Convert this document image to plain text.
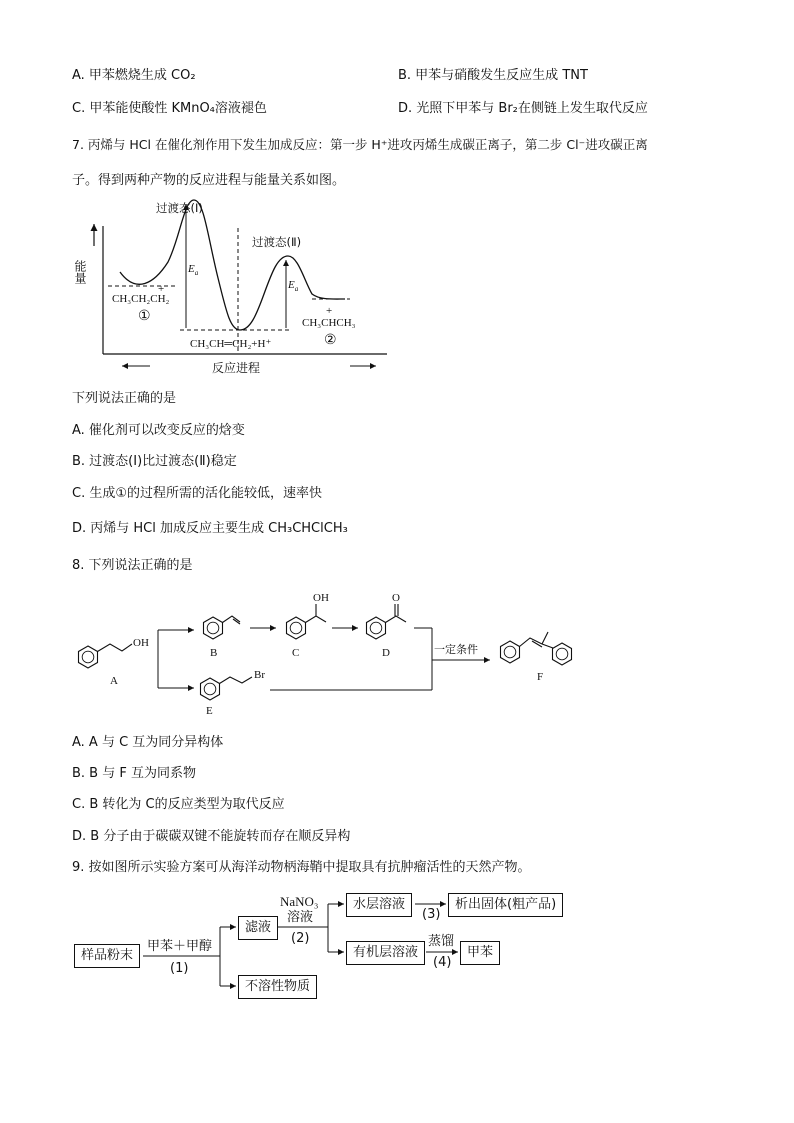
A. 甲苯燃烧生成 CO₂	B. 甲苯与硝酸发生反应生成 TNT
C. 甲苯能使酸性 KMnO₄溶液褪色	D. 光照下甲苯与 Br₂在侧链上发生取代反应
7. 丙烯与 HCl 在催化剂作用下发生加成反应：第一步 H⁺进攻丙烯生成碳正离子，第二步 Cl⁻进攻碳正离
子。得到两种产物的反应进程与能量关系如图。
能量	$E_a$
$E_a$
过渡态(Ⅰ)
过渡态(Ⅱ)
+
CH₃CH₂CH₂
①	+
CH₃CHCH₃
②
CH₃CH═CH₂+H⁺
反应进程
下列说法正确的是
A. 催化剂可以改变反应的焓变
B. 过渡态(Ⅰ)比过渡态(Ⅱ)稳定
C. 生成①的过程所需的活化能较低，速率快
D. 丙烯与 HCl 加成反应主要生成 CH₃CHClCH₃
8. 下列说法正确的是
OH
A
B
OH
C
O
D
Br
E
一定条件
F
A. A 与 C 互为同分异构体
B. B 与 F 互为同系物
C. B 转化为 C的反应类型为取代反应
D. B 分子由于碳碳双键不能旋转而存在顺反异构
9. 按如图所示实验方案可从海洋动物柄海鞘中提取具有抗肿瘤活性的天然产物。
样品粉末
甲苯＋甲醇
(1)
滤液
不溶性物质
NaNO₃
溶液
(2)
水层溶液
有机层溶液
(3)
析出固体(粗产品)
蒸馏
(4)
甲苯
